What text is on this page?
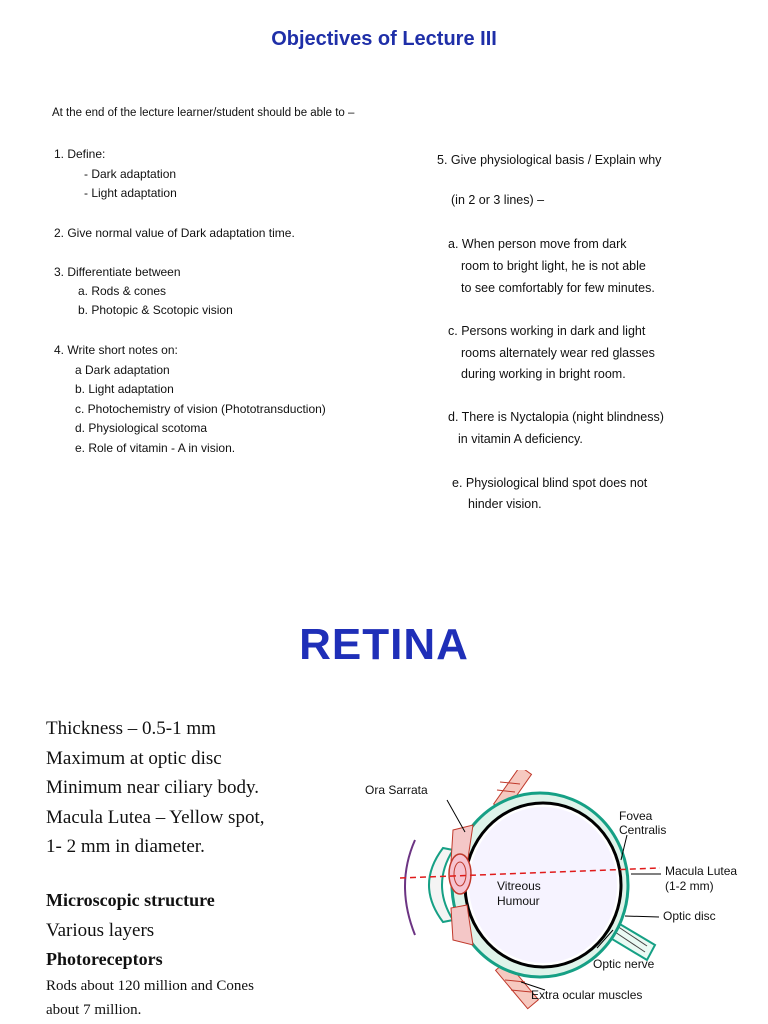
Objectives of Lecture III
At the end of the lecture learner/student should be able to –
1. Define:
- Dark adaptation
- Light adaptation
2. Give normal value of Dark adaptation time.
3. Differentiate between
a. Rods & cones
b. Photopic & Scotopic vision
4. Write short notes on:
a Dark adaptation
b. Light adaptation
c. Photochemistry of vision (Phototransduction)
d. Physiological scotoma
e. Role of vitamin - A in vision.
5. Give physiological basis / Explain why
(in 2 or 3 lines) –
a. When person move from dark
room to bright light, he is not able
to see comfortably for few minutes.
c. Persons working in dark and light
rooms alternately wear red glasses
during working in bright room.
d. There is Nyctalopia (night blindness)
in vitamin A deficiency.
e. Physiological blind spot does not
hinder vision.
RETINA
Thickness – 0.5-1 mm
Maximum at optic disc
Minimum near ciliary body.
Macula Lutea – Yellow spot,
1- 2 mm in diameter.
Microscopic structure
Various layers
Photoreceptors
Rods about 120 million and Cones
about 7 million.
Ora Sarrata
Fovea
Centralis
Macula Lutea
(1-2 mm)
Vitreous
Humour
Optic disc
Optic nerve
Extra ocular muscles
